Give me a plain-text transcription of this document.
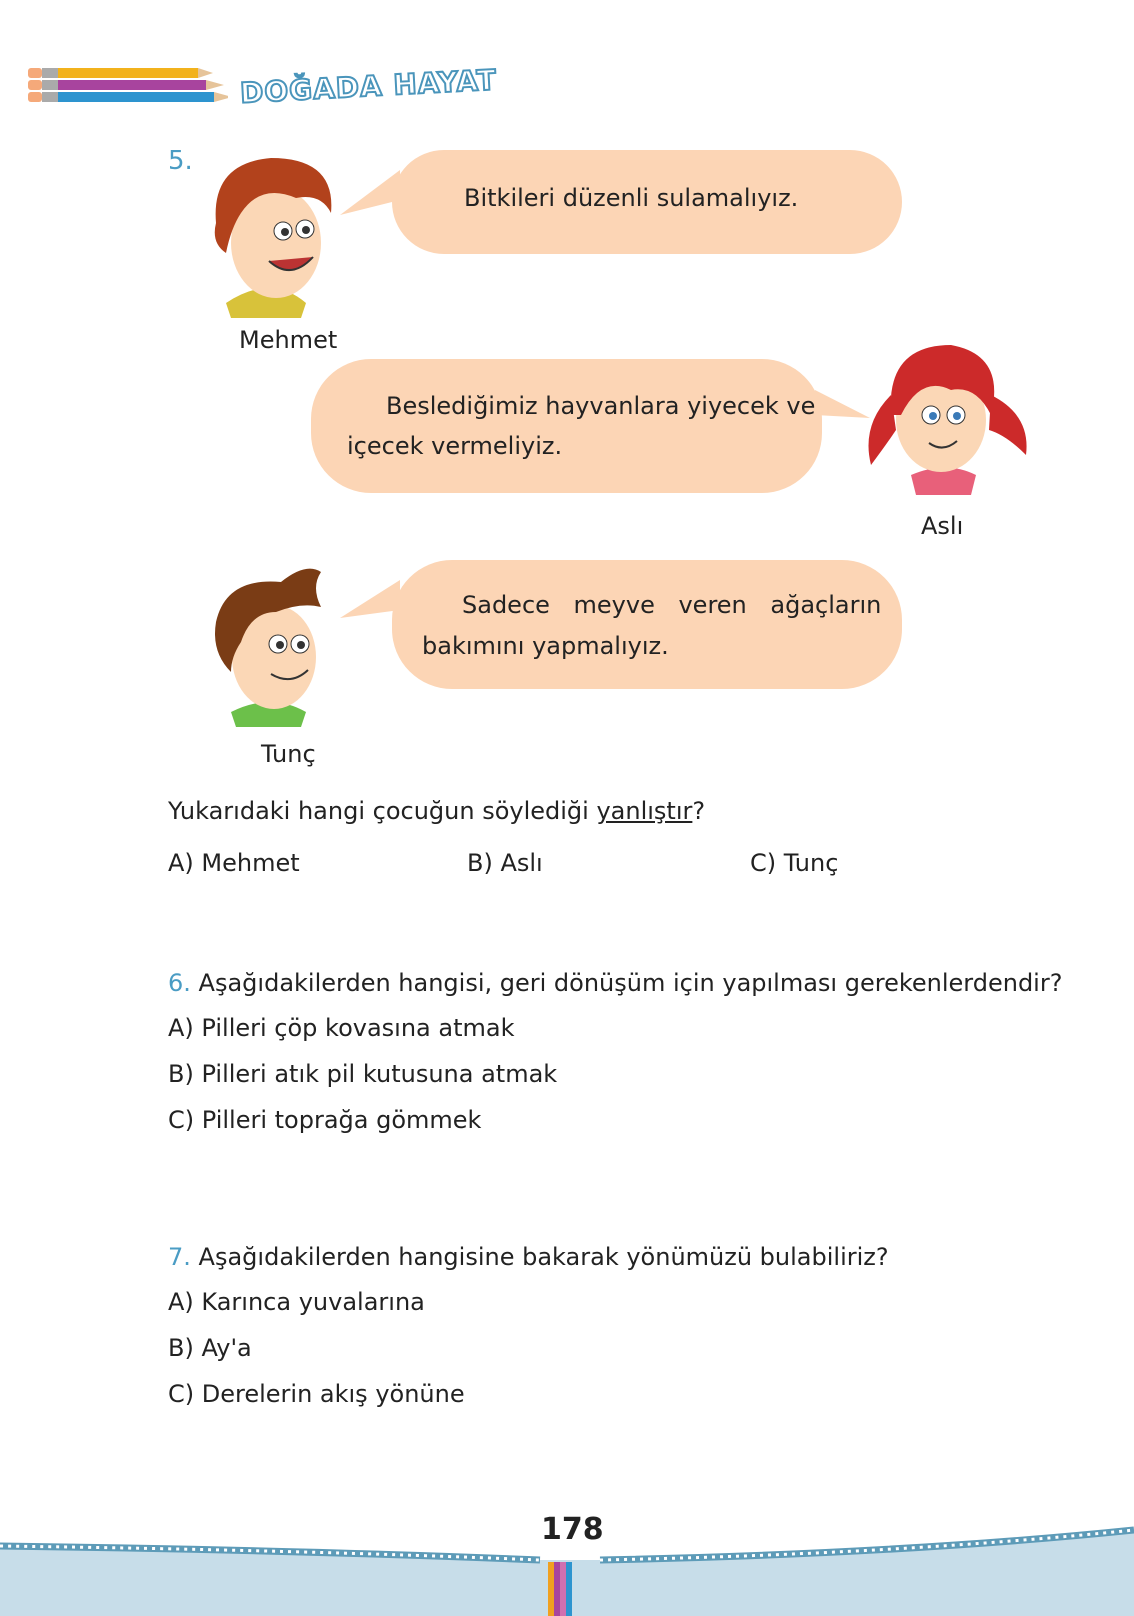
DOĞADA HAYAT
5.
Bitkileri düzenli sulamalıyız.
Mehmet
Beslediğimiz hayvanlara yiyecek ve
içecek vermeliyiz.
Aslı
Sadece meyve veren ağaçların
bakımını yapmalıyız.
Tunç
Yukarıdaki hangi çocuğun söylediği yanlıştır?
A) Mehmet	B) Aslı	C) Tunç
6. Aşağıdakilerden hangisi, geri dönüşüm için yapılması gerekenlerdendir?
A) Pilleri çöp kovasına atmak
B) Pilleri atık pil kutusuna atmak
C) Pilleri toprağa gömmek
7. Aşağıdakilerden hangisine bakarak yönümüzü bulabiliriz?
A) Karınca yuvalarına
B) Ay'a
C) Derelerin akış yönüne
178
